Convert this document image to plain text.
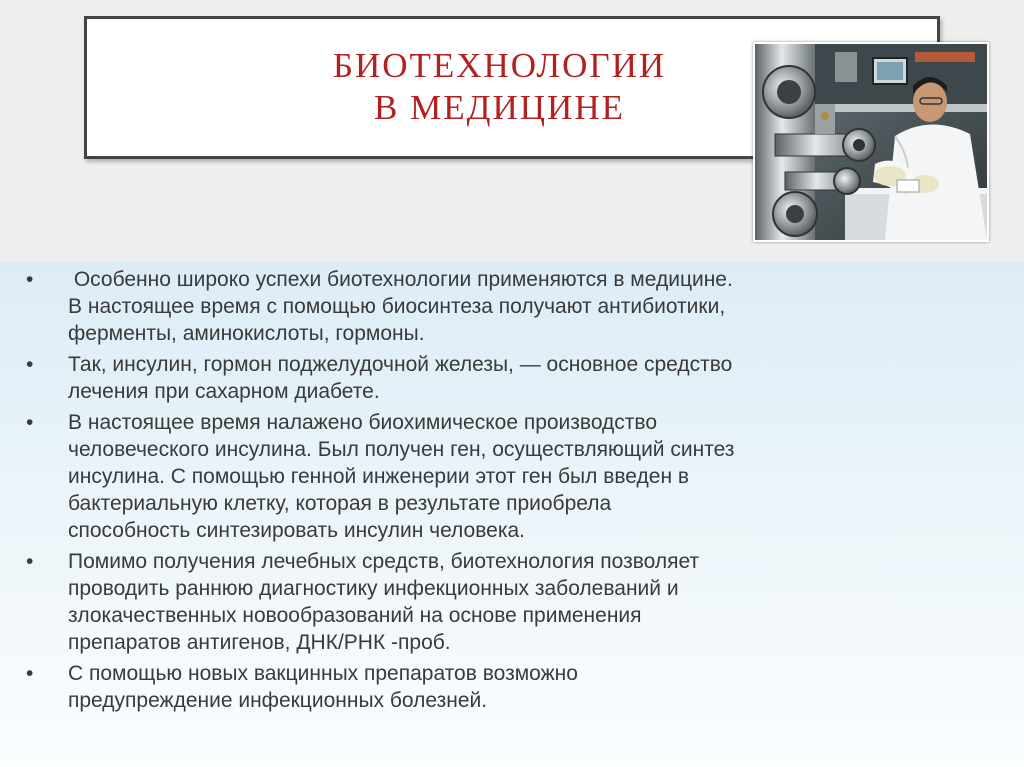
БИОТЕХНОЛОГИИ
В МЕДИЦИНЕ
•	Особенно широко успехи биотехнологии применяются в медицине.
В настоящее время с помощью биосинтеза получают антибиотики,
ферменты, аминокислоты, гормоны.
•	Так, инсулин, гормон поджелудочной железы, — основное средство
лечения при сахарном диабете.
•	В настоящее время налажено биохимическое производство
человеческого инсулина. Был получен ген, осуществляющий синтез
инсулина. С помощью генной инженерии этот ген был введен в
бактериальную клетку, которая в результате приобрела
способность синтезировать инсулин человека.
•	Помимо получения лечебных средств, биотехнология позволяет
проводить раннюю диагностику инфекционных заболеваний и
злокачественных новообразований на основе применения
препаратов антигенов, ДНК/РНК -проб.
•	С помощью новых вакцинных препаратов возможно
предупреждение инфекционных болезней.
